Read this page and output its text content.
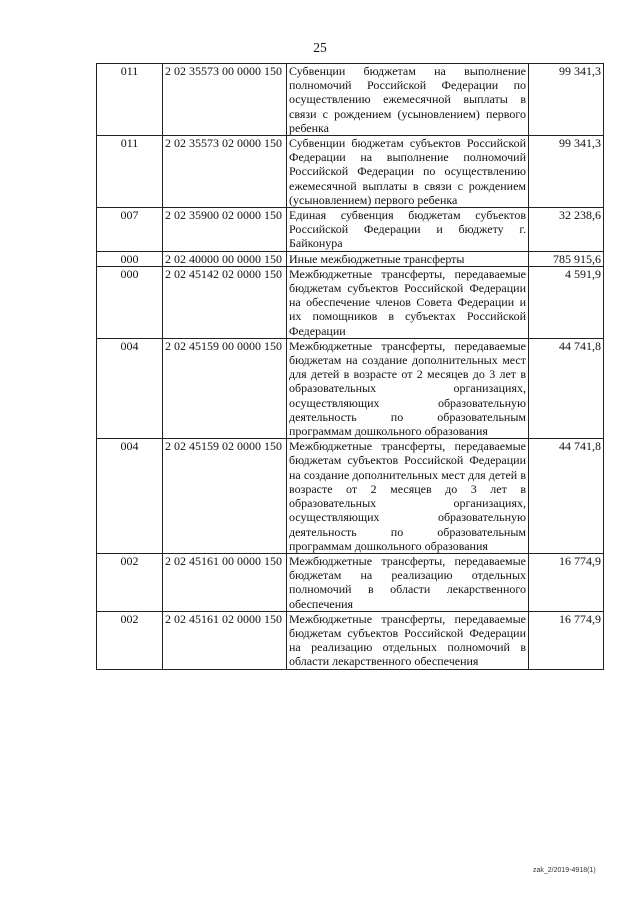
25
011	2 02 35573 00 0000 150	Субвенции бюджетам на выполнение полномочий Российской Федерации по осуществлению ежемесячной выплаты в связи с рождением (усыновлением) первого ребенка	99 341,3
011	2 02 35573 02 0000 150	Субвенции бюджетам субъектов Российской Федерации на выполнение полномочий Российской Федерации по осуществлению ежемесячной выплаты в связи с рождением (усыновлением) первого ребенка	99 341,3
007	2 02 35900 02 0000 150	Единая субвенция бюджетам субъектов Российской Федерации и бюджету г. Байконура	32 238,6
000	2 02 40000 00 0000 150	Иные межбюджетные трансферты	785 915,6
000	2 02 45142 02 0000 150	Межбюджетные трансферты, передаваемые бюджетам субъектов Российской Федерации на обеспечение членов Совета Федерации и их помощников в субъектах Российской Федерации	4 591,9
004	2 02 45159 00 0000 150	Межбюджетные трансферты, передаваемые бюджетам на создание дополнительных мест для детей в возрасте от 2 месяцев до 3 лет в образовательных организациях, осуществляющих образовательную деятельность по образовательным программам дошкольного образования	44 741,8
004	2 02 45159 02 0000 150	Межбюджетные трансферты, передаваемые бюджетам субъектов Российской Федерации на создание дополнительных мест для детей в возрасте от 2 месяцев до 3 лет в образовательных организациях, осуществляющих образовательную деятельность по образовательным программам дошкольного образования	44 741,8
002	2 02 45161 00 0000 150	Межбюджетные трансферты, передаваемые бюджетам на реализацию отдельных полномочий в области лекарственного обеспечения	16 774,9
002	2 02 45161 02 0000 150	Межбюджетные трансферты, передаваемые бюджетам субъектов Российской Федерации на реализацию отдельных полномочий в области лекарственного обеспечения	16 774,9
zak_2/2019-4918(1)
